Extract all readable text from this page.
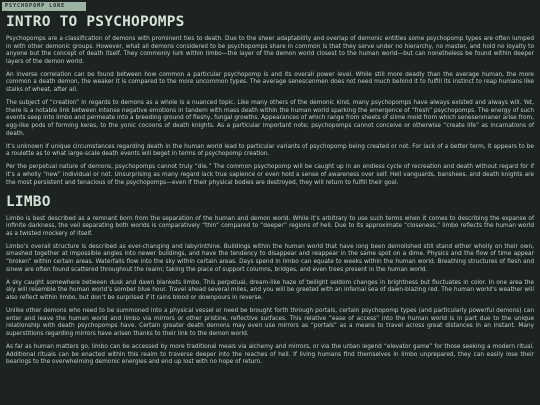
PSYCHOPOMP LORE
INTRO TO PSYCHOPOMPS

Psychopomps are a classification of demons with prominent ties to death. Due to the sheer adaptability and overlap of demonic entities some psychopomp types are often lumped in with other demonic groups. However, what all demons considered to be psychopomps share in common is that they serve under no hierarchy, no master, and hold no loyalty to anyone but the concept of death itself. They commonly lurk within limbo—the layer of the demon world closest to the human world—but can nonetheless be found within deeper layers of the demon world.

An inverse correlation can be found between how common a particular psychopomp is and its overall power level. While still more deadly than the average human, the more common a death demon, the weaker it is compared to the more uncommon types. The average senescenmen does not need much behind it to fulfill its instinct to reap humans like stalks of wheat, after all.

The subject of “creation” in regards to demons as a whole is a nuanced topic. Like many others of the demonic kind, many psychopomps have always existed and always will. Yet, there is a notable link between intense negative emotions in tandem with mass death within the human world sparking the emergence of “fresh” psychopomps. The energy of such events seep into limbo and permeate into a breeding ground of fleshy, fungal growths. Appearances of which range from sheets of slime mold from which senesenmaner arise from, egg-like pods of forming keres, to the yonic cocoons of death knights. As a particular important note; psychopomps cannot conceive or otherwise “create life” as incarnations of death.

It’s unknown if unique circumstances regarding death in the human world lead to particular variants of psychopomp being created or not. For lack of a better term, it appears to be a roulette as to what large-scale death events will beget in terms of psychopomp creation.

Per the perpetual nature of demons, psychopomps cannot truly “die.” The common psychopomp will be caught up in an endless cycle of recreation and death without regard for if it’s a wholly “new” individual or not. Unsurprising as many regard lack true sapience or even hold a sense of awareness over self. Hell vanguards, banshees, and death knights are the most persistent and tenacious of the psychopomps—even if their physical bodies are destroyed, they will return to fulfill their goal.

LIMBO

Limbo is best described as a remnant born from the separation of the human and demon world. While it’s arbitrary to use such terms when it comes to describing the expanse of infinite darkness, the veil separating both worlds is comparatively “thin” compared to “deeper” regions of hell. Due to its approximate “closeness,” limbo reflects the human world as a twisted mockery of itself.

Limbo’s overall structure is described as ever-changing and labyrinthine. Buildings within the human world that have long been demolished still stand either wholly on their own, smashed together at impossible angles into newer buildings, and have the tendency to disappear and reappear in the same spot on a dime. Physics and the flow of time appear “broken” within certain areas. Waterfalls flow into the sky within certain areas. Days spend in limbo can equate to weeks within the human world. Breathing structures of flesh and sinew are often found scattered throughout the realm; taking the place of support columns, bridges, and even trees present in the human world.

A sky caught somewhere between dusk and dawn blankets limbo. This perpetual, dream-like haze of twilight seldom changes in brightness but fluctuates in color. In one area the sky will resemble the human world’s somber blue hour. Travel ahead several miles, and you will be greeted with an infernal sea of dawn-blazing red. The human world’s weather will also reflect within limbo, but don’t be surprised if it rains blood or downpours in reverse.

Unlike other demons who need to be summoned into a physical vessel or need be brought forth through portals, certain psychopomp types (and particularly powerful demons) can enter and leave the human world and limbo via mirrors or other pristine, reflective surfaces. This relative “ease of access” into the human world is in part due to the unique relationship with death psychopomps have. Certain greater death demons may even use mirrors as “portals” as a means to travel across great distances in an instant. Many superstitions regarding mirrors have arisen thanks to their link to the demon world.

As far as human matters go, limbo can be accessed by more traditional meals via alchemy and mirrors, or via the urban legend “elevator game” for those seeking a modern ritual. Additional rituals can be enacted within this realm to traverse deeper into the reaches of hell. If living humans find themselves in limbo unprepared, they can easily lose their bearings to the overwhelming demonic energies and end up lost with no hope of return.
